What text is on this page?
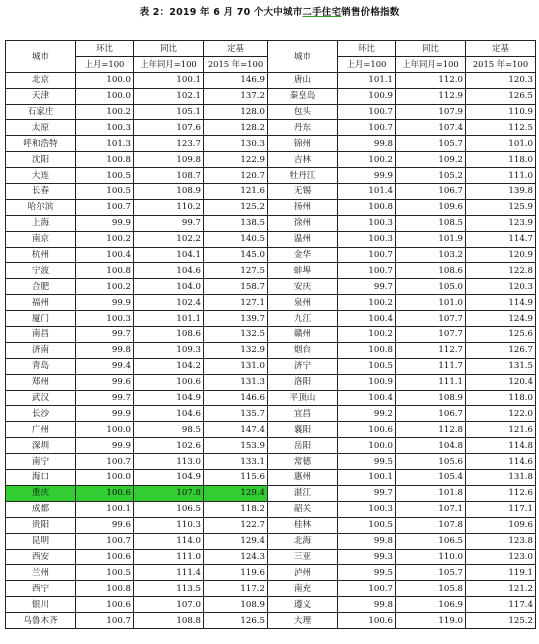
表 2：2019 年 6 月 70 个大中城市二手住宅销售价格指数
城市	环比	同比	定基	城市	环比	同比	定基
	上月=100	上年同月=100	2015 年=100		上月=100	上年同月=100	2015 年=100
北京	100.0	100.1	146.9	唐山	101.1	112.0	120.3
天津	100.0	102.1	137.2	秦皇岛	100.9	112.9	126.5
石家庄	100.2	105.1	128.0	包头	100.7	107.9	110.9
太原	100.3	107.6	128.2	丹东	100.7	107.4	112.5
呼和浩特	101.3	123.7	130.3	锦州	99.8	105.7	101.0
沈阳	100.8	109.8	122.9	吉林	100.2	109.2	118.0
大连	100.5	108.7	120.7	牡丹江	99.9	105.2	111.0
长春	100.5	108.9	121.6	无锡	101.4	106.7	139.8
哈尔滨	100.7	110.2	125.2	扬州	100.8	109.6	125.9
上海	99.9	99.7	138.5	徐州	100.3	108.5	123.9
南京	100.2	102.2	140.5	温州	100.3	101.9	114.7
杭州	100.4	104.1	145.0	金华	100.7	103.2	120.9
宁波	100.8	104.6	127.5	蚌埠	100.7	108.6	122.8
合肥	100.2	104.0	158.7	安庆	99.7	105.0	120.3
福州	99.9	102.4	127.1	泉州	100.2	101.0	114.9
厦门	100.3	101.1	139.7	九江	100.4	107.7	124.9
南昌	99.7	108.6	132.5	赣州	100.2	107.7	125.6
济南	99.8	109.3	132.9	烟台	100.8	112.7	126.7
青岛	99.4	104.2	131.0	济宁	100.5	111.7	131.5
郑州	99.6	100.6	131.3	洛阳	100.9	111.1	120.4
武汉	99.7	104.9	146.6	平顶山	100.4	108.9	118.0
长沙	99.9	104.6	135.7	宜昌	99.2	106.7	122.0
广州	100.0	98.5	147.4	襄阳	100.6	112.8	121.6
深圳	99.9	102.6	153.9	岳阳	100.0	104.8	114.8
南宁	100.7	113.0	133.1	常德	99.5	105.6	114.6
海口	100.0	104.9	115.6	惠州	100.1	105.4	131.8
重庆	100.6	107.8	129.4	湛江	99.7	101.8	112.6
成都	100.1	106.5	118.2	韶关	100.3	107.1	117.1
贵阳	99.6	110.3	122.7	桂林	100.5	107.8	109.6
昆明	100.7	114.0	129.4	北海	99.8	106.5	123.8
西安	100.6	111.0	124.3	三亚	99.3	110.0	123.0
兰州	100.5	111.4	119.6	泸州	99.5	105.7	119.1
西宁	100.8	113.5	117.2	南充	100.7	105.8	121.2
银川	100.6	107.0	108.9	遵义	99.8	106.9	117.4
乌鲁木齐	100.7	108.8	126.5	大理	100.6	119.0	125.2
